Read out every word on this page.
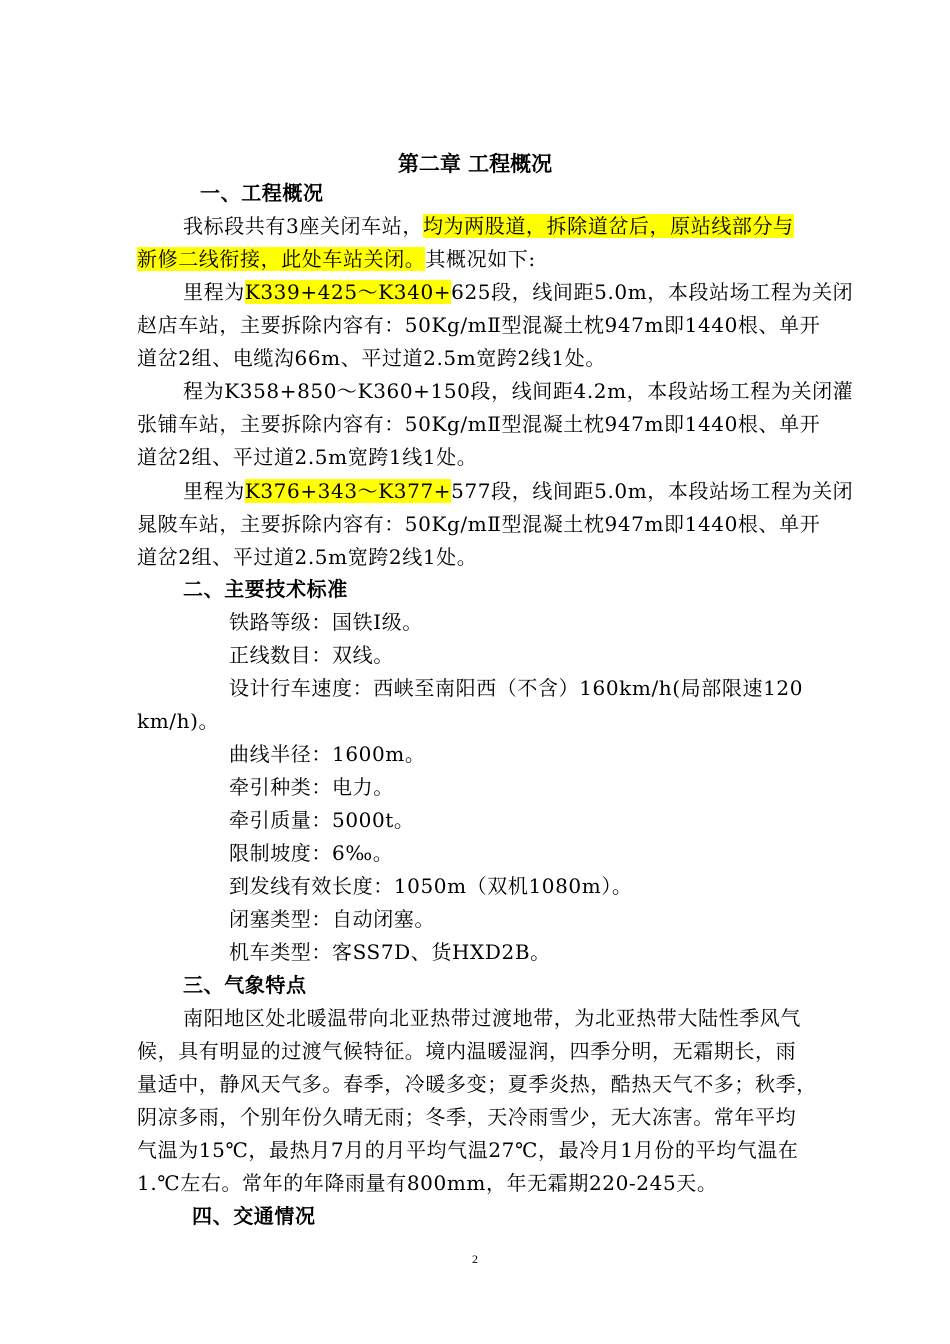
第二章 工程概况
一、工程概况
我标段共有3座关闭车站，均为两股道，拆除道岔后，原站线部分与
新修二线衔接，此处车站关闭。其概况如下:
里程为K339+425～K340+625段，线间距5.0m，本段站场工程为关闭
赵店车站，主要拆除内容有：50Kg/mⅡ型混凝土枕947m即1440根、单开
道岔2组、电缆沟66m、平过道2.5m宽跨2线1处。
程为K358+850～K360+150段，线间距4.2m，本段站场工程为关闭灌
张铺车站，主要拆除内容有：50Kg/mⅡ型混凝土枕947m即1440根、单开
道岔2组、平过道2.5m宽跨1线1处。
里程为K376+343～K377+577段，线间距5.0m，本段站场工程为关闭
晁陂车站，主要拆除内容有：50Kg/mⅡ型混凝土枕947m即1440根、单开
道岔2组、平过道2.5m宽跨2线1处。
二、主要技术标准
铁路等级：国铁Ⅰ级。
正线数目：双线。
设计行车速度：西峡至南阳西（不含）160km/h(局部限速120
km/h)。
曲线半径：1600m。
牵引种类：电力。
牵引质量：5000t。
限制坡度：6‰。
到发线有效长度：1050m（双机1080m）。
闭塞类型：自动闭塞。
机车类型：客SS7D、货HXD2B。
三、气象特点
南阳地区处北暖温带向北亚热带过渡地带，为北亚热带大陆性季风气
候，具有明显的过渡气候特征。境内温暖湿润，四季分明，无霜期长，雨
量适中，静风天气多。春季，冷暖多变；夏季炎热，酷热天气不多；秋季，
阴凉多雨，个别年份久晴无雨；冬季，天冷雨雪少，无大冻害。常年平均
气温为15℃，最热月7月的月平均气温27℃，最冷月1月份的平均气温在
1.℃左右。常年的年降雨量有800mm，年无霜期220-245天。
四、交通情况
2
